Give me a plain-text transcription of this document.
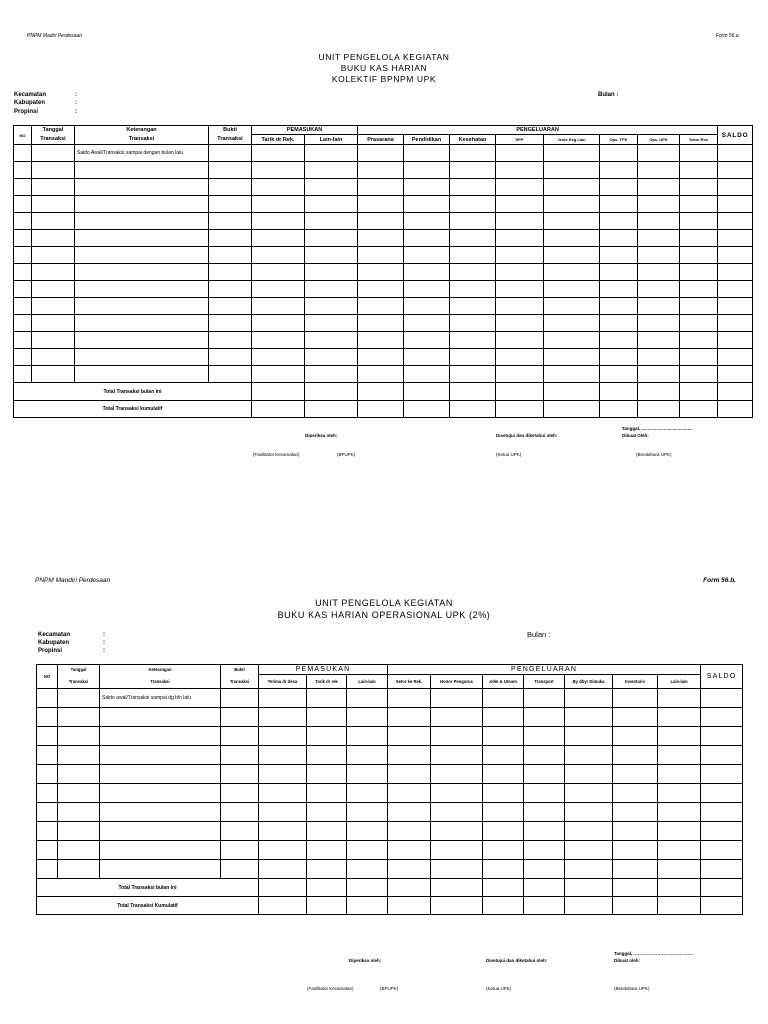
PNPM Madiri Perdesaan	Form 56.a.
UNIT PENGELOLA KEGIATAN
BUKU KAS HARIAN
KOLEKTIF BPNPM UPK
Kecamatan	:
Kabupaten	:
Propinsi	:
Bulan :
NO	Tanggal	Keterangan	Bukti	PEMASUKAN		PENGELUARAN								SALDO
	Transaksi	Transaksi	Transaksi	Tarik dr Rek.	Lain-lain	Prasarana	Pendidikan	Kesehatan	SPP	Jenis Keg Lain	Ops. TPK	Ops. UPK	Setor Rek	
		Saldo Awal/Transaksi sampai dengan bulan lalu												

Total Transaksi bulan ini														
Total Transaksi kumulatif														
Tanggal, .........................................
Diperiksa oleh:	Disetujui dan diketahui oleh:	Dibuat Oleh:
(Fasilitator Kecamatan)	(BPUPK)	(Ketua UPK)	(Bendahara UPK)
PNPM Mandiri Perdesaan	Form 56.b.
UNIT PENGELOLA KEGIATAN
BUKU KAS HARIAN OPERASIONAL UPK (2%)
Kecamatan	:
Kabupaten	:
Propinsi	:
Bulan :
NO	Tanggal	Keterangan	Bukti	PEMASUKAN			PENGELUARAN							SALDO
	Transaksi	Transaksi	Transaksi	Terima dr desa	Tarik dr rek	Lain-lain	Setor ke Rek.	Honor Pengurus	Adm & Umum	Transport	By dbyr Dimuka	Inventaris	Lain-lain	
		Saldo awal/Transaksi sampai dg bln lalu												

Total Transaksi bulan ini														
Total Transaksi Kumulatif														
Tanggal, ………………………………….
Diperiksa oleh:	Disetujui dan diketahui oleh:	Dibuat oleh:
(Fasilitator Kecamatan)	(BPUPK)	(Ketua UPK)	(Bendahara UPK)
